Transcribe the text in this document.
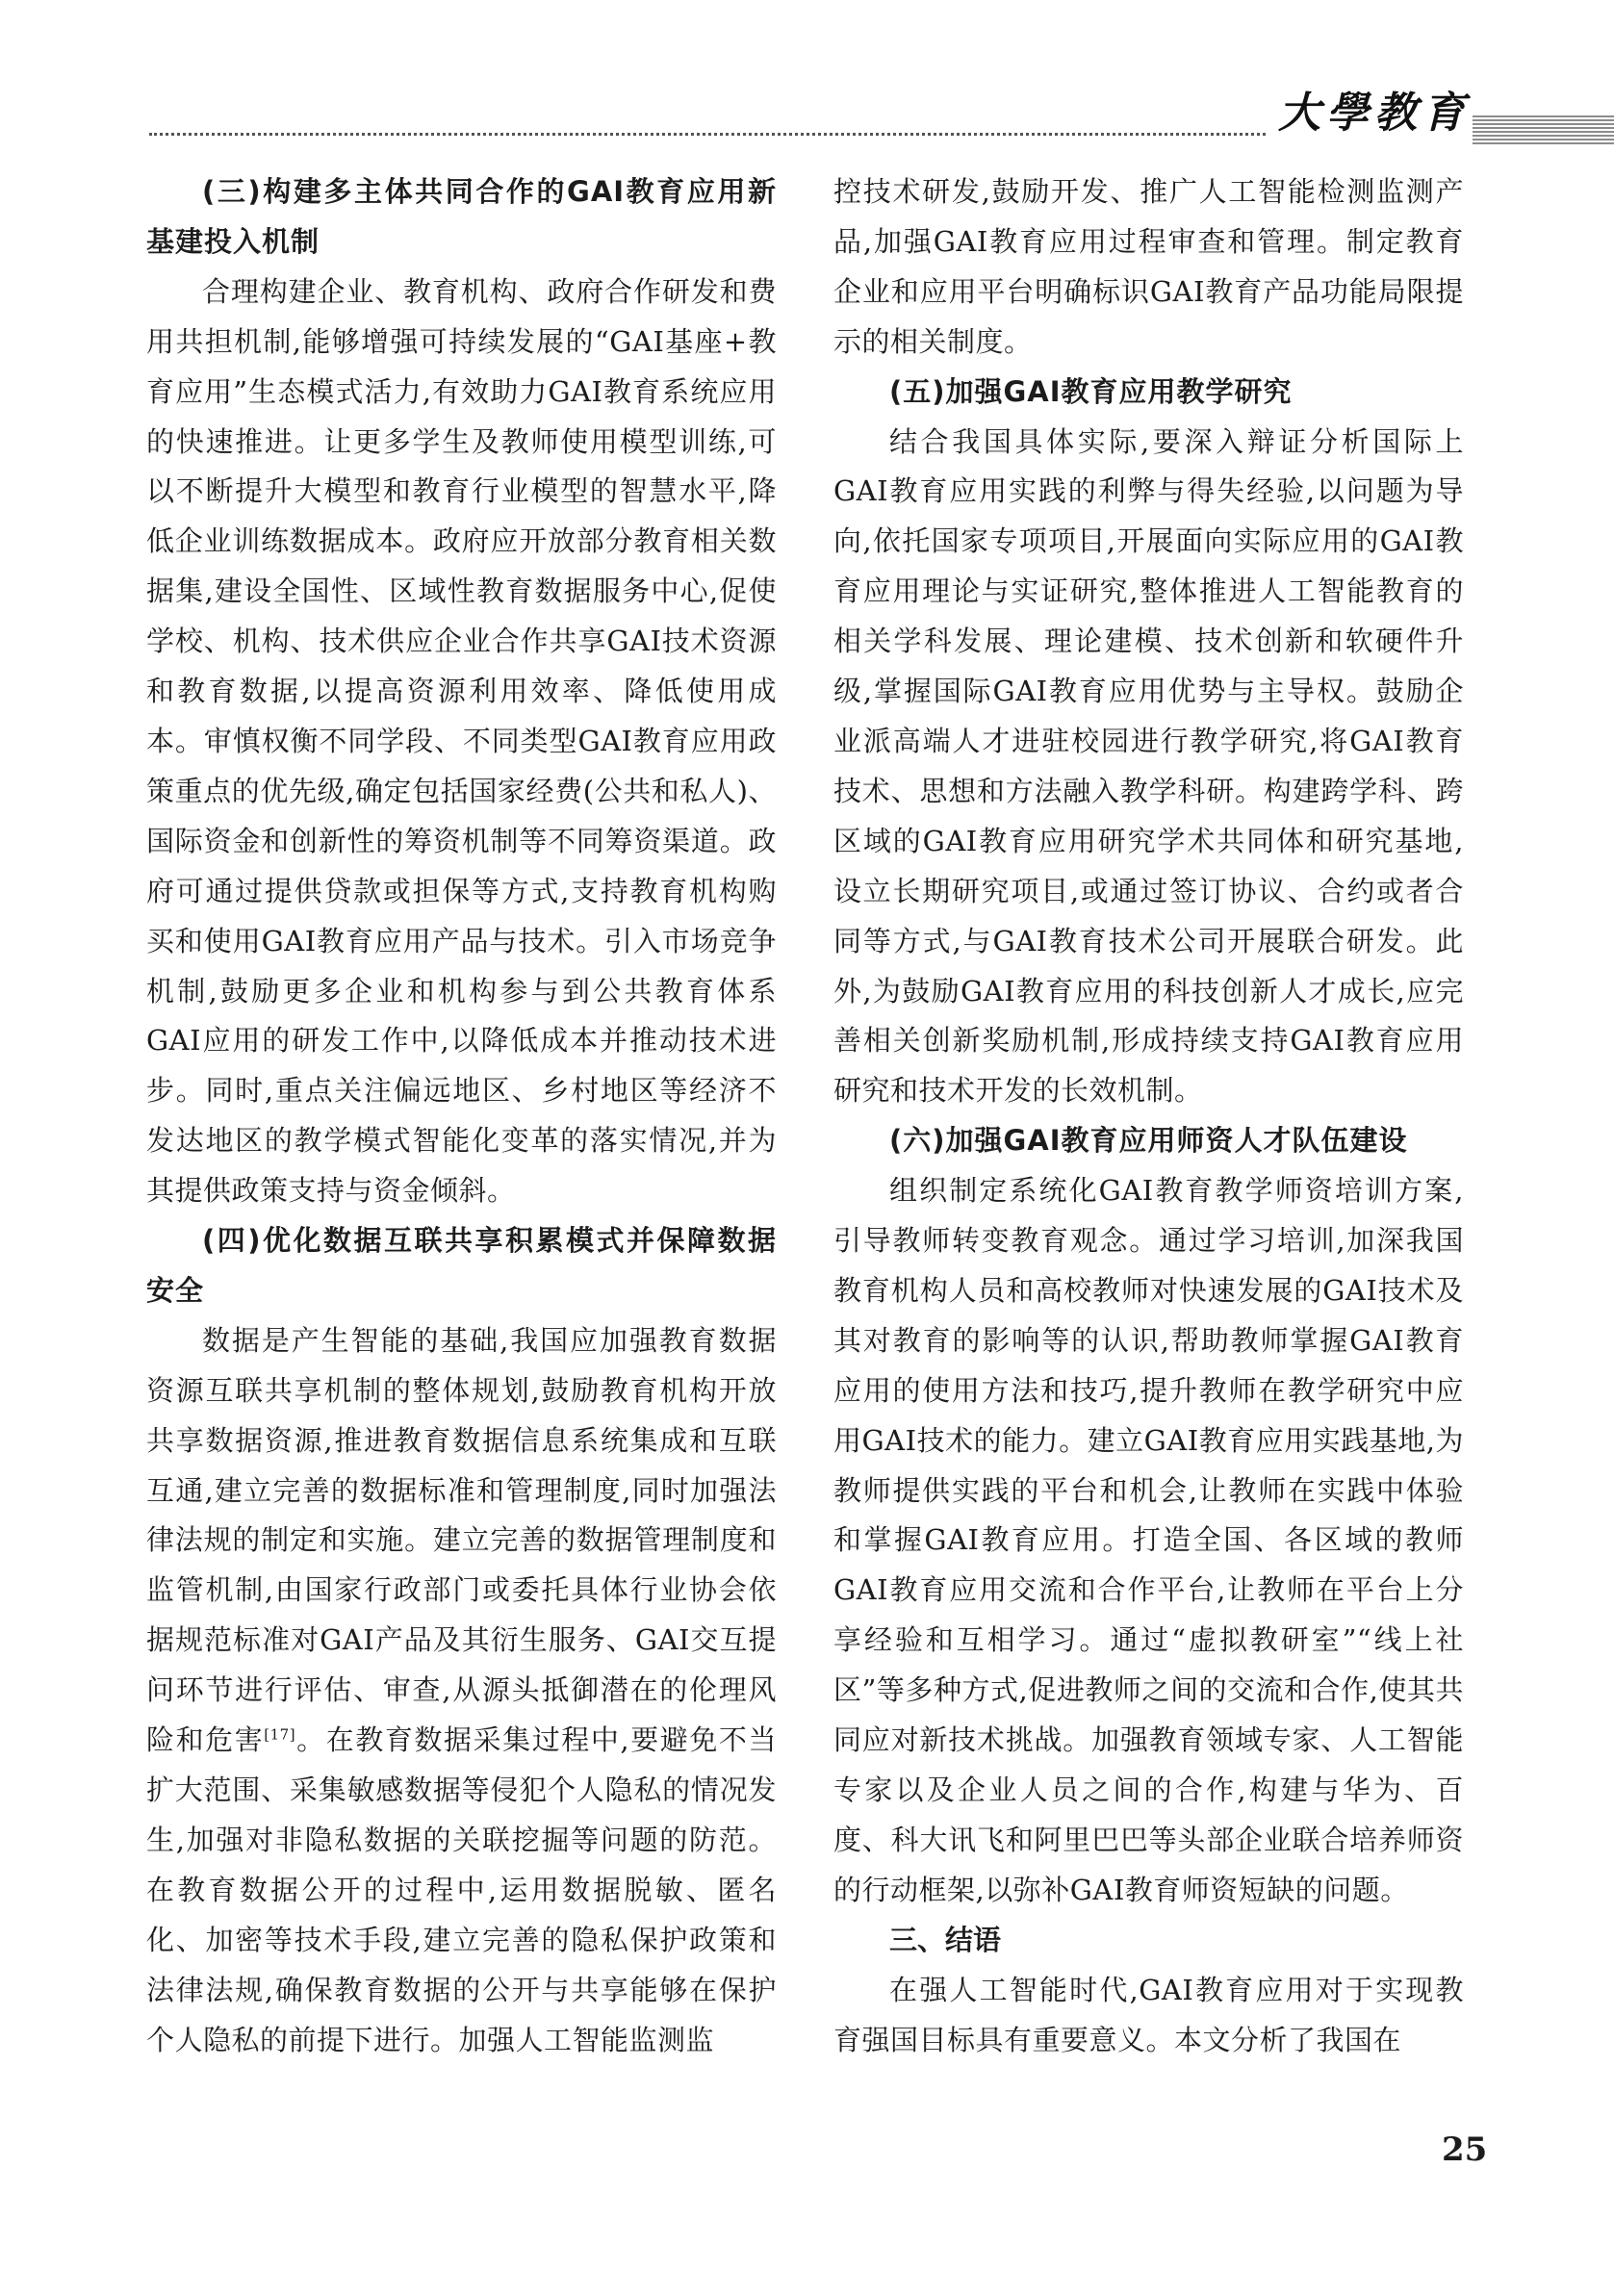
大學教育
(三)构建多主体共同合作的GAI教育应用新基建投入机制

合理构建企业、教育机构、政府合作研发和费用共担机制,能够增强可持续发展的“GAI基座+教育应用”生态模式活力,有效助力GAI教育系统应用的快速推进。让更多学生及教师使用模型训练,可以不断提升大模型和教育行业模型的智慧水平,降低企业训练数据成本。政府应开放部分教育相关数据集,建设全国性、区域性教育数据服务中心,促使学校、机构、技术供应企业合作共享GAI技术资源和教育数据,以提高资源利用效率、降低使用成本。审慎权衡不同学段、不同类型GAI教育应用政策重点的优先级,确定包括国家经费(公共和私人)、国际资金和创新性的筹资机制等不同筹资渠道。政府可通过提供贷款或担保等方式,支持教育机构购买和使用GAI教育应用产品与技术。引入市场竞争机制,鼓励更多企业和机构参与到公共教育体系GAI应用的研发工作中,以降低成本并推动技术进步。同时,重点关注偏远地区、乡村地区等经济不发达地区的教学模式智能化变革的落实情况,并为其提供政策支持与资金倾斜。

(四)优化数据互联共享积累模式并保障数据安全

数据是产生智能的基础,我国应加强教育数据资源互联共享机制的整体规划,鼓励教育机构开放共享数据资源,推进教育数据信息系统集成和互联互通,建立完善的数据标准和管理制度,同时加强法律法规的制定和实施。建立完善的数据管理制度和监管机制,由国家行政部门或委托具体行业协会依据规范标准对GAI产品及其衍生服务、GAI交互提问环节进行评估、审查,从源头抵御潜在的伦理风险和危害[17]。在教育数据采集过程中,要避免不当扩大范围、采集敏感数据等侵犯个人隐私的情况发生,加强对非隐私数据的关联挖掘等问题的防范。在教育数据公开的过程中,运用数据脱敏、匿名化、加密等技术手段,建立完善的隐私保护政策和法律法规,确保教育数据的公开与共享能够在保护个人隐私的前提下进行。加强人工智能监测监

控技术研发,鼓励开发、推广人工智能检测监测产品,加强GAI教育应用过程审查和管理。制定教育企业和应用平台明确标识GAI教育产品功能局限提示的相关制度。

(五)加强GAI教育应用教学研究

结合我国具体实际,要深入辩证分析国际上GAI教育应用实践的利弊与得失经验,以问题为导向,依托国家专项项目,开展面向实际应用的GAI教育应用理论与实证研究,整体推进人工智能教育的相关学科发展、理论建模、技术创新和软硬件升级,掌握国际GAI教育应用优势与主导权。鼓励企业派高端人才进驻校园进行教学研究,将GAI教育技术、思想和方法融入教学科研。构建跨学科、跨区域的GAI教育应用研究学术共同体和研究基地,设立长期研究项目,或通过签订协议、合约或者合同等方式,与GAI教育技术公司开展联合研发。此外,为鼓励GAI教育应用的科技创新人才成长,应完善相关创新奖励机制,形成持续支持GAI教育应用研究和技术开发的长效机制。

(六)加强GAI教育应用师资人才队伍建设

组织制定系统化GAI教育教学师资培训方案,引导教师转变教育观念。通过学习培训,加深我国教育机构人员和高校教师对快速发展的GAI技术及其对教育的影响等的认识,帮助教师掌握GAI教育应用的使用方法和技巧,提升教师在教学研究中应用GAI技术的能力。建立GAI教育应用实践基地,为教师提供实践的平台和机会,让教师在实践中体验和掌握GAI教育应用。打造全国、各区域的教师GAI教育应用交流和合作平台,让教师在平台上分享经验和互相学习。通过“虚拟教研室”“线上社区”等多种方式,促进教师之间的交流和合作,使其共同应对新技术挑战。加强教育领域专家、人工智能专家以及企业人员之间的合作,构建与华为、百度、科大讯飞和阿里巴巴等头部企业联合培养师资的行动框架,以弥补GAI教育师资短缺的问题。

三、结语

在强人工智能时代,GAI教育应用对于实现教育强国目标具有重要意义。本文分析了我国在

25
